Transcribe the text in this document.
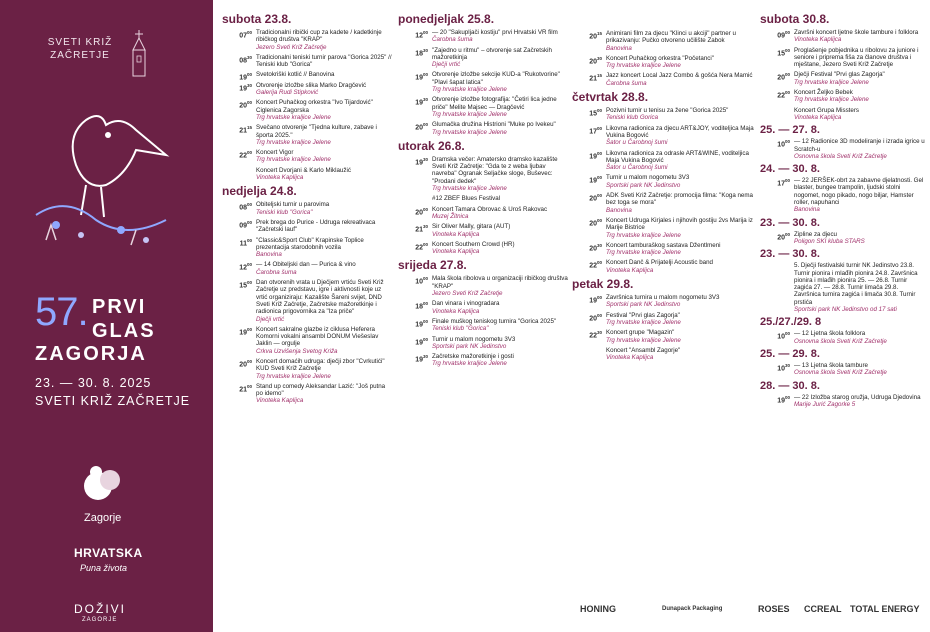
SVETI KRIŽ
ZAČRETJE
57. PRVI
GLAS
ZAGORJA
23. — 30. 8. 2025
SVETI KRIŽ ZAČRETJE
Zagorje
HRVATSKA
Puna života
DOŽIVI
ZAGORJE
subota 23.8.
$07^{00}$ Tradicionalni ribički cup za kadete / kadetkinje ribičkog društva "KRAP"
Jezero Sveti Križ Začretje
$08^{30}$ Tradicionalni teniski turnir parova "Gorica 2025" // Teniski klub "Gorica"
$19^{00}$ Svetokriški kotlić // Banovina
$19^{30}$ Otvorenje izložbe slika Marko Dragčević
Galerija Rudi Stipković
$20^{00}$ Koncert Puhačkog orkestra "Ivo Tijardović" Ciglenica Zagorska
Trg hrvatske kraljice Jelene
$21^{15}$ Svečano otvorenje "Tjedna kulture, zabave i športa 2025."
Trg hrvatske kraljice Jelene
$22^{00}$ Koncert Vigor
Trg hrvatske kraljice Jelene
Koncert Dvorjani & Karlo Miklaužić
Vinoteka Kaplijca
nedjelja 24.8.
$08^{00}$ Obiteljski turnir u parovima
Teniski klub "Gorica"
$09^{00}$ Prek brega do Purice - Udruga rekreativaca "Začretski lauf"
$11^{00}$ "Classic&Sport Club" Krapinske Toplice prezentacija starodobnih vozila
Banovina
$12^{00}$ — 14 Obiteljski dan — Purica & vino
Čarobna šuma
$15^{00}$ Dan otvorenih vrata u Dječjem vrtiću Sveti Križ Začretje uz predstavu, igre i aktivnosti koje uz vrtić organiziraju: Kazalište Šareni svijet, DND Sveti Križ Začretje, Začretske mažoretkinje i radionica prigovornika za "Iza priče"
Dječji vrtić
$19^{00}$ Koncert sakralne glazbe iz ciklusa Heferera Komorni vokalni ansambl DONUM Viešeslav Jaklin — orgulje
Crkva Uzvišenja Svetog Križa
$20^{00}$ Koncert domaćih udruga: dječji zbor "Cvrkutići" KUD Sveti Križ Začretje
Trg hrvatske kraljice Jelene
$21^{00}$ Stand up comedy Aleksandar Lazić: "Još putna po idemo"
Vinoteka Kaplijca
ponedjeljak 25.8.
$12^{00}$ — 20 "Sakupljači kostiju" prvi Hrvatski VR film
Čarobna šuma
$18^{30}$ "Zajedno u ritmu" – otvorenje sat Začretskih mažoretkinja
Dječji vrtić
$19^{00}$ Otvorenje izložbe sekcije KUD-a "Rukotvorine" "Plavi šapat latica"
Trg hrvatske kraljice Jelene
$19^{30}$ Otvorenje izložbe fotografija: "Četiri lica jedne priče" Melite Majsec — Dragčević
Trg hrvatske kraljice Jelene
$20^{00}$ Glumačka družina Histrioni "Muke po Ivekeu"
Trg hrvatske kraljice Jelene
utorak 26.8.
$19^{30}$ Dramska večer: Amatersko dramsko kazalište Sveti Križ Začretje: "Gda te z weba ljubav navreba" Ogranak Seljačke sloge, Buševec: "Prodani dedek"
Trg hrvatske kraljice Jelene
#12 ZBEF Blues Festival
$20^{00}$ Koncert Tamara Obrovac & Uroš Rakovac
Muzej Žitnica
$21^{30}$ Sir Oliver Mally, gitara (AUT)
Vinoteka Kaplijca
$22^{00}$ Koncert Southern Crowd (HR)
Vinoteka Kaplijca
srijeda 27.8.
$10^{00}$ Mala škola ribolova u organizaciji ribičkog društva "KRAP"
Jezero Sveti Križ Začretje
$18^{00}$ Dan vinara i vinogradara
Vinoteka Kaplijca
$19^{00}$ Finale muškog teniskog turnira "Gorica 2025"
Teniski klub "Gorica"
$19^{00}$ Turnir u malom nogometu 3V3
Sportski park NK Jedinstvo
$19^{30}$ Začretske mažoretkinje i gosti
Trg hrvatske kraljice Jelene
$20^{15}$ Animirani film za djecu "Klinci u akciji" partner u prikazivanju: Pučko otvoreno učilište Zabok
Banovina
$20^{30}$ Koncert Puhačkog orkestra "Početanci"
Trg hrvatske kraljice Jelene
$21^{15}$ Jazz koncert Local Jazz Combo & gošća Nera Mamić
Čarobna šuma
četvrtak 28.8.
$15^{00}$ Pozivni turnir u tenisu za žene "Gorica 2025"
Teniski klub Gorica
$17^{00}$ Likovna radionica za djecu ART&JOY, voditeljica Maja Vukina Bogović
Šator u Čarobnoj šumi
$19^{00}$ Likovna radionica za odrasle ART&WINE, voditeljica Maja Vukina Bogović
Šator u Čarobnoj šumi
$19^{00}$ Turnir u malom nogometu 3V3
Sportski park NK Jedinstvo
$20^{00}$ ADK Sveti Križ Začretje: promocija filma: "Koga nema bez toga se mora"
Banovina
$20^{00}$ Koncert Udruga Kirjales i njihovih gostiju 2vs Marija iz Marije Bistrice
Trg hrvatske kraljice Jelene
$20^{30}$ Koncert tamburaškog sastava Džentlmeni
Trg hrvatske kraljice Jelene
$22^{00}$ Koncert Danč & Prijatelji Acoustic band
Vinoteka Kaplijca
petak 29.8.
$19^{00}$ Završnica turnira u malom nogometu 3V3
Sportski park NK Jedinstvo
$20^{00}$ Festival "Prvi glas Zagorja"
Trg hrvatske kraljice Jelene
$22^{30}$ Koncert grupe "Magazin"
Trg hrvatske kraljice Jelene
Koncert "Ansambl Zagorje"
Vinoteka Kaplijca
subota 30.8.
$09^{00}$ Završni koncert ljetne škole tambure i folklora
Vinoteka Kaplijca
$15^{00}$ Proglašenje pobjednika u ribolovu za juniore i seniore i priprema fiša za članove društva i mještane, Jezero Sveti Križ Začretje
$20^{00}$ Dječji Festival "Prvi glas Zagorja"
Trg hrvatske kraljice Jelene
$22^{00}$ Koncert Željko Bebek
Trg hrvatske kraljice Jelene
Koncert Grupa Missters
Vinoteka Kaplijca
25. — 27. 8.
$10^{00}$ — 12 Radionice 3D modeliranje i izrada igrice u Scratch-u
Osnovna škola Sveti Križ Začretje
24. — 30. 8.
$17^{00}$ — 22 JERŠEK-obrt za zabavne djelatnosti. Gel blaster, bungee trampolin, ljudski stolni nogomet, nogo pikado, nogo biljar, Hamster roller, napuhanci
Banovina
23. — 30. 8.
$20^{00}$ Zipline za djecu
Poligon SKI kluba STARS
23. — 30. 8.
5. Dječji festivalski turnir NK Jedinstvo 23.8. Turnir pionira i mlađih pionira 24.8. Završnica pionira i mlađih pionira 25. — 26.8. Turnir zagića 27. — 28.8. Turnir limača 29.8. Završnica turnira zagića i limača 30.8. Turnir prstića
Sportski park NK Jedinstvo od 17 sati
25./27./29. 8
$10^{00}$ — 12 Ljetna škola folklora
Osnovna škola Sveti Križ Začretje
25. — 29. 8.
$10^{30}$ — 13 Ljetna škola tambure
Osnovna škola Sveti Križ Začretje
28. — 30. 8.
$19^{00}$ — 22 Izložba starog oružja, Udruga Djedovina
Marije Jurić Zagorke 5
HONING	Dunapack Packaging	ROSES CCREAL TOTAL ENERGY
